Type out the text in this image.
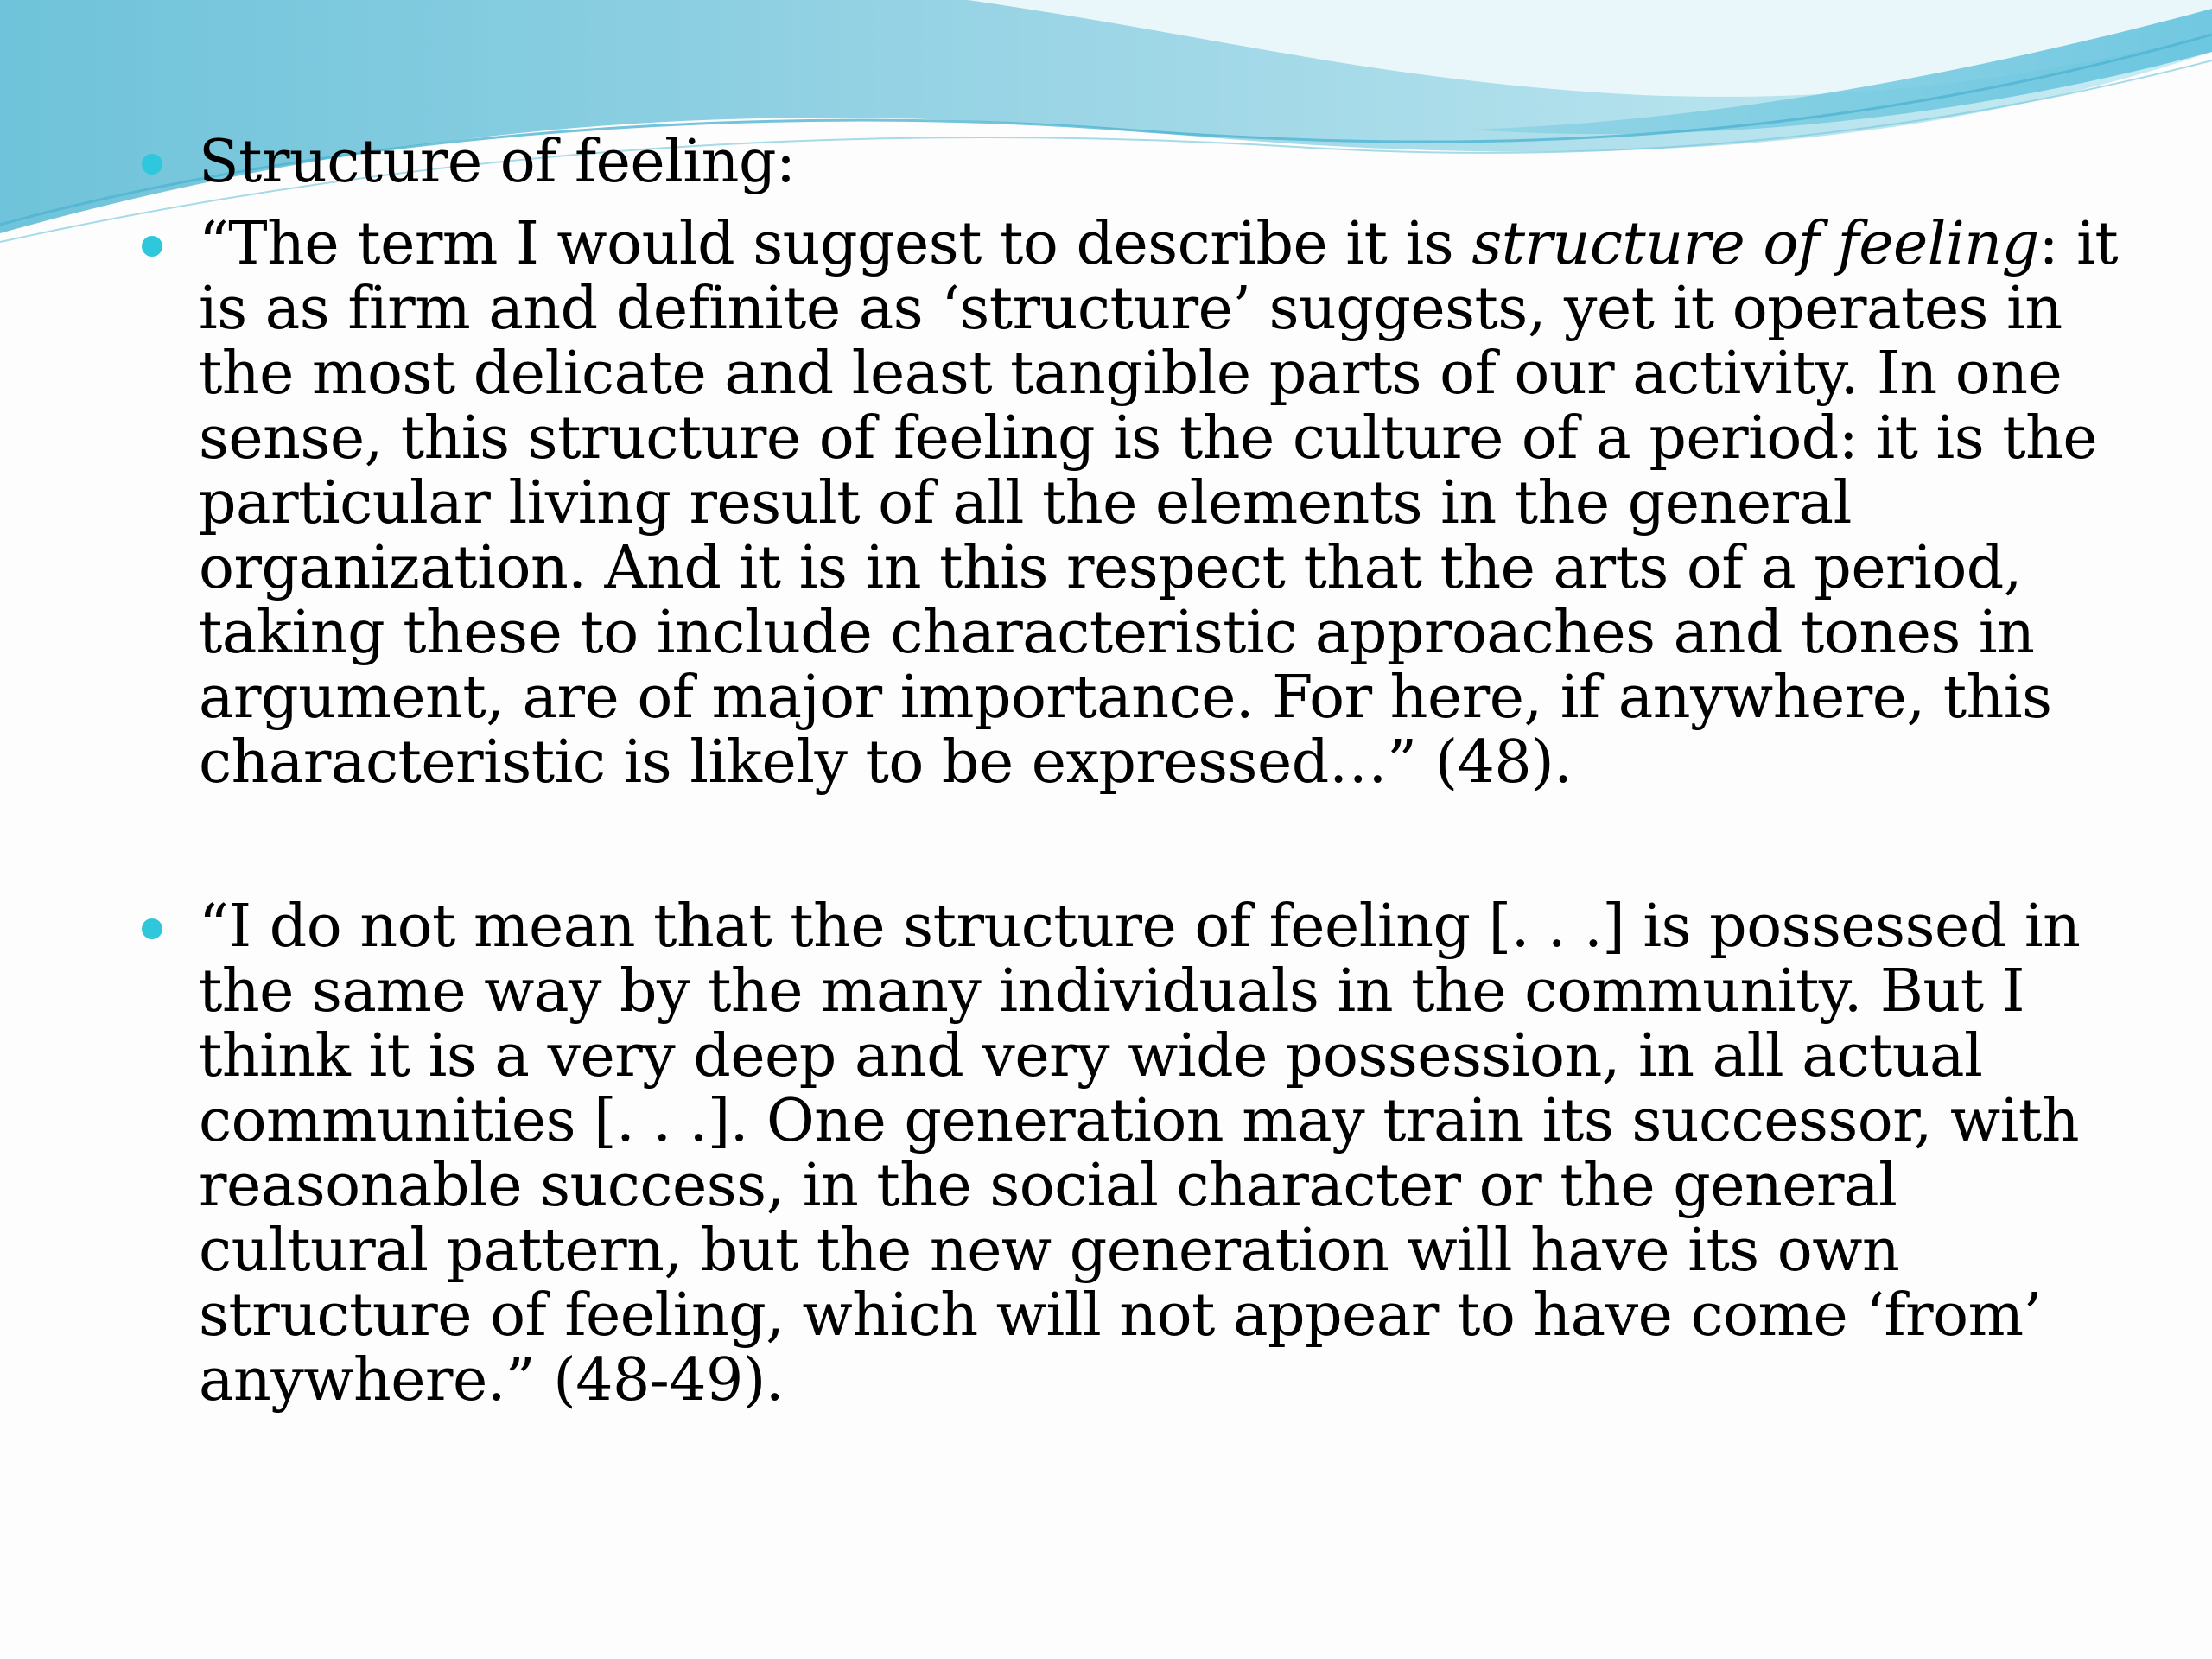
Structure of feeling:
“The term I would suggest to describe it is structure of feeling: it is as firm and definite as ‘structure’ suggests, yet it operates in the most delicate and least tangible parts of our activity. In one sense, this structure of feeling is the culture of a period: it is the particular living result of all the elements in the general organization. And it is in this respect that the arts of a period, taking these to include characteristic approaches and tones in argument, are of major importance. For here, if anywhere, this characteristic is likely to be expressed…” (48).
“I do not mean that the structure of feeling [. . .] is possessed in the same way by the many individuals in the community. But I think it is a very deep and very wide possession, in all actual communities [. . .]. One generation may train its successor, with reasonable success, in the social character or the general cultural pattern, but the new generation will have its own structure of feeling, which will not appear to have come ‘from’ anywhere.” (48-49).
